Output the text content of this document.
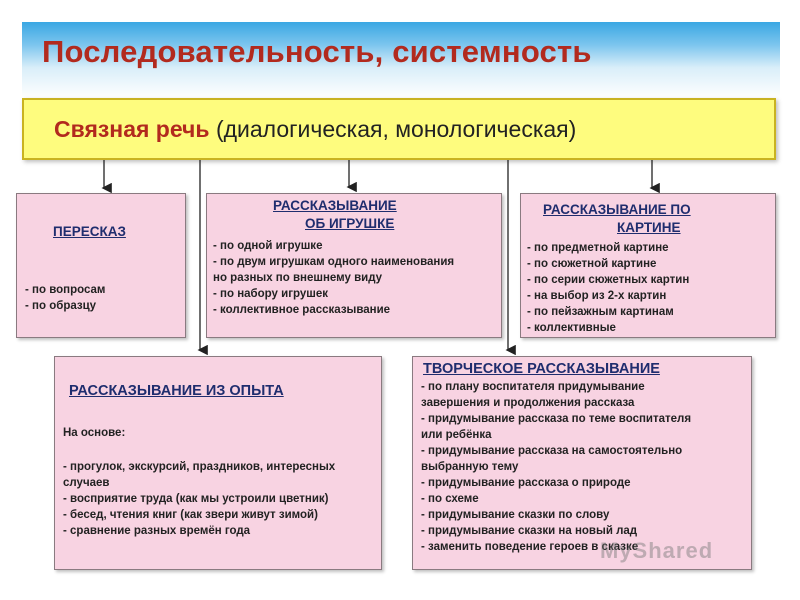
Последовательность, системность
Связная речь (диалогическая, монологическая)
ПЕРЕСКАЗ
- по вопросам
- по образцу
РАССКАЗЫВАНИЕ
ОБ ИГРУШКЕ
- по одной игрушке
- по двум игрушкам одного наименования
но разных по внешнему виду
- по набору игрушек
- коллективное рассказывание
РАССКАЗЫВАНИЕ ПО
КАРТИНЕ
- по предметной картине
- по сюжетной картине
- по серии сюжетных картин
- на выбор из 2-х картин
- по пейзажным картинам
- коллективные
РАССКАЗЫВАНИЕ ИЗ ОПЫТА
На основе:
- прогулок, экскурсий, праздников, интересных
случаев
- восприятие труда (как мы устроили цветник)
- бесед, чтения книг (как звери живут зимой)
- сравнение разных времён года
ТВОРЧЕСКОЕ РАССКАЗЫВАНИЕ
- по плану воспитателя придумывание
завершения и продолжения рассказа
- придумывание рассказа по теме воспитателя
или ребёнка
- придумывание рассказа на самостоятельно
выбранную тему
- придумывание рассказа о природе
- по схеме
- придумывание сказки по слову
- придумывание сказки на новый лад
- заменить поведение героев в сказке
MyShared
